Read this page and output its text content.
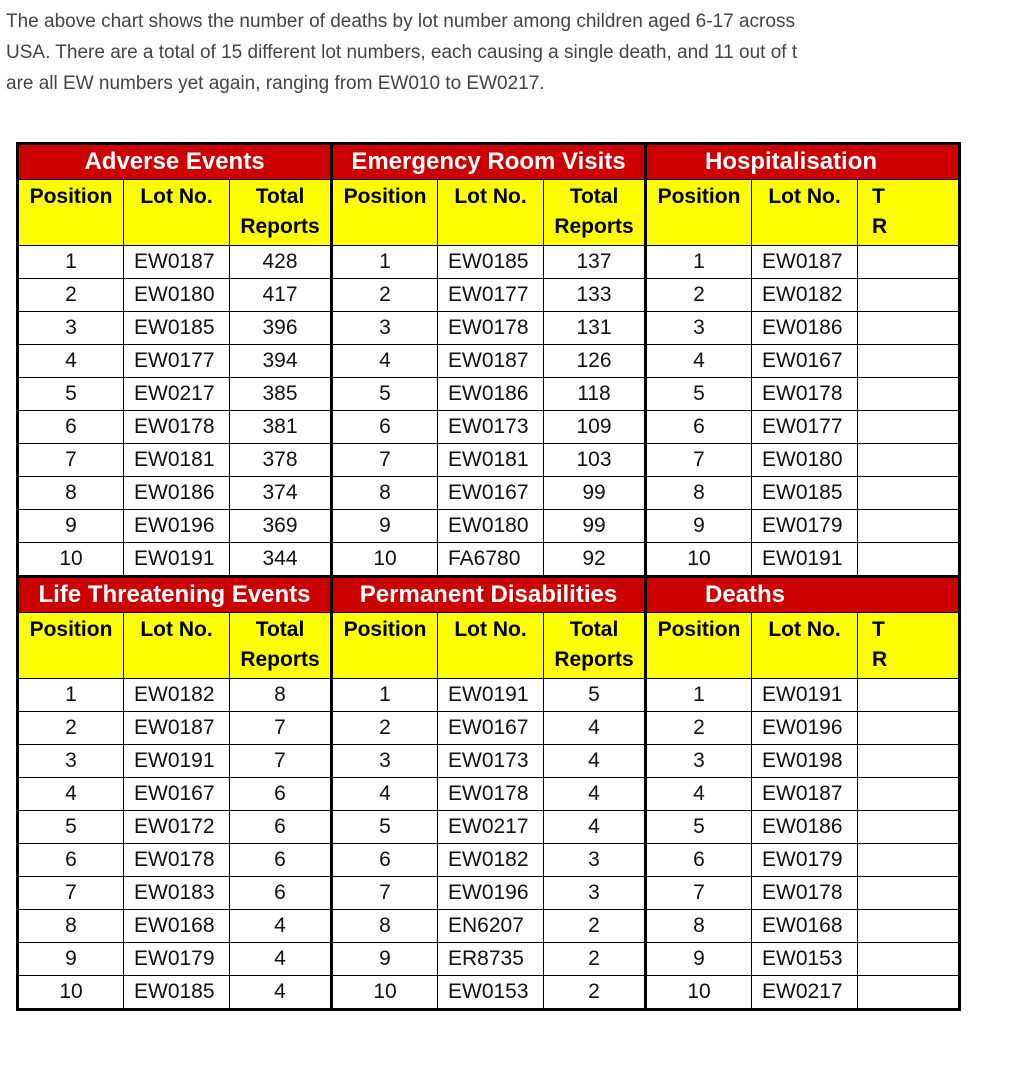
The above chart shows the number of deaths by lot number among children aged 6-17 across

USA. There are a total of 15 different lot numbers, each causing a single death, and 11 out of t

are all EW numbers yet again, ranging from EW010 to EW0217.

Adverse Events			Emergency Room Visits			Hospitalisation		
Position	Lot No.	Total Reports	Position	Lot No.	Total Reports	Position	Lot No.	T
R

1	EW0187	428	1	EW0185	137	1	EW0187	
2	EW0180	417	2	EW0177	133	2	EW0182	
3	EW0185	396	3	EW0178	131	3	EW0186	
4	EW0177	394	4	EW0187	126	4	EW0167	
5	EW0217	385	5	EW0186	118	5	EW0178	
6	EW0178	381	6	EW0173	109	6	EW0177	
7	EW0181	378	7	EW0181	103	7	EW0180	
8	EW0186	374	8	EW0167	99	8	EW0185	
9	EW0196	369	9	EW0180	99	9	EW0179	
10	EW0191	344	10	FA6780	92	10	EW0191	
Life Threatening Events			Permanent Disabilities			Deaths		
Position	Lot No.	Total Reports	Position	Lot No.	Total Reports	Position	Lot No.	T
R

1	EW0182	8	1	EW0191	5	1	EW0191	
2	EW0187	7	2	EW0167	4	2	EW0196	
3	EW0191	7	3	EW0173	4	3	EW0198	
4	EW0167	6	4	EW0178	4	4	EW0187	
5	EW0172	6	5	EW0217	4	5	EW0186	
6	EW0178	6	6	EW0182	3	6	EW0179	
7	EW0183	6	7	EW0196	3	7	EW0178	
8	EW0168	4	8	EN6207	2	8	EW0168	
9	EW0179	4	9	ER8735	2	9	EW0153	
10	EW0185	4	10	EW0153	2	10	EW0217	
